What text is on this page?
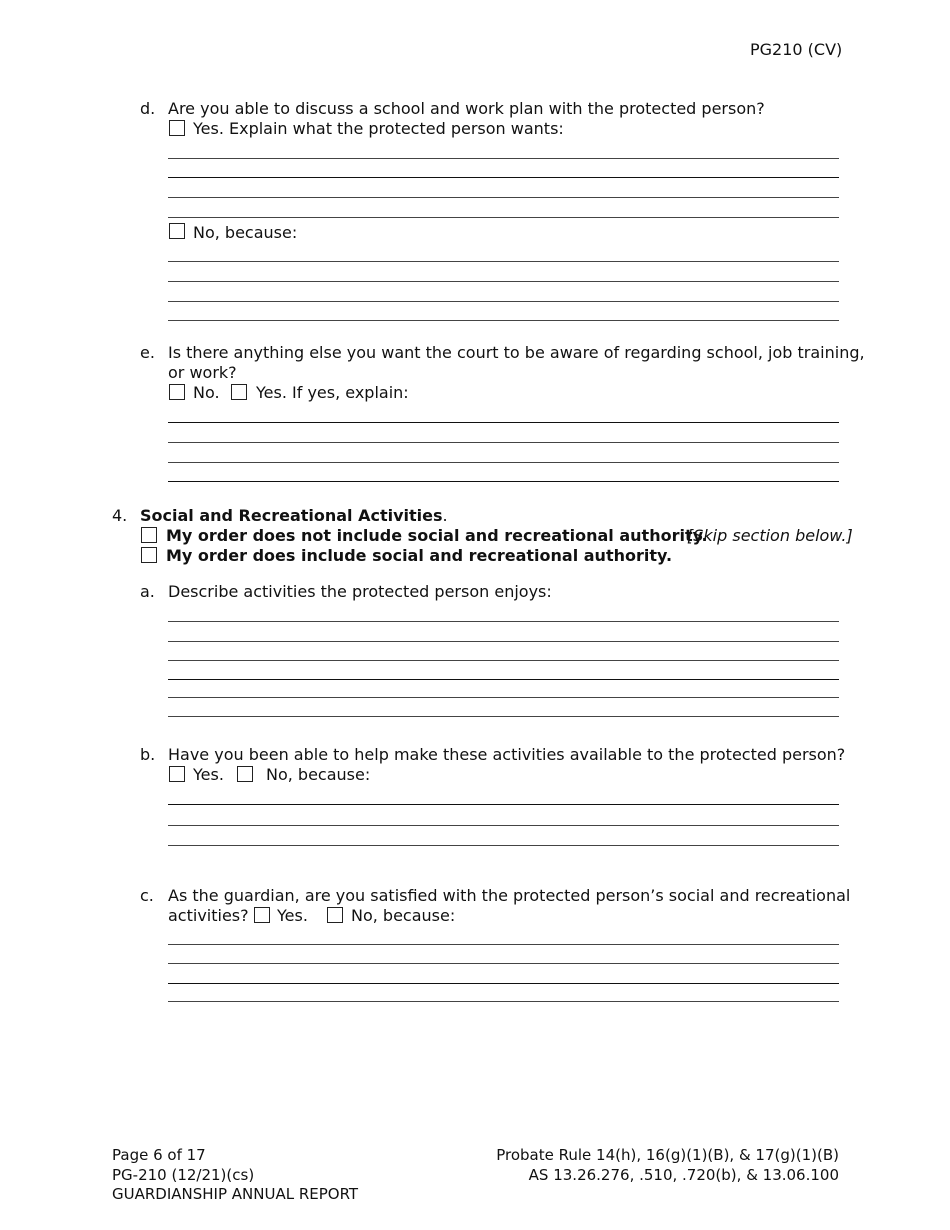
PG210 (CV)
d. Are you able to discuss a school and work plan with the protected person?
Yes. Explain what the protected person wants:
No, because:
e. Is there anything else you want the court to be aware of regarding school, job training,
or work?
No. Yes. If yes, explain:
4. Social and Recreational Activities.
My order does not include social and recreational authority.
[Skip section below.]
My order does include social and recreational authority.
a. Describe activities the protected person enjoys:
b. Have you been able to help make these activities available to the protected person?
Yes.	No, because:
c. As the guardian, are you satisfied with the protected person’s social and recreational
activities? Yes.	No, because:
Page 6 of 17
PG-210 (12/21)(cs)
GUARDIANSHIP ANNUAL REPORT
Probate Rule 14(h), 16(g)(1)(B), & 17(g)(1)(B)
AS 13.26.276, .510, .720(b), & 13.06.100
